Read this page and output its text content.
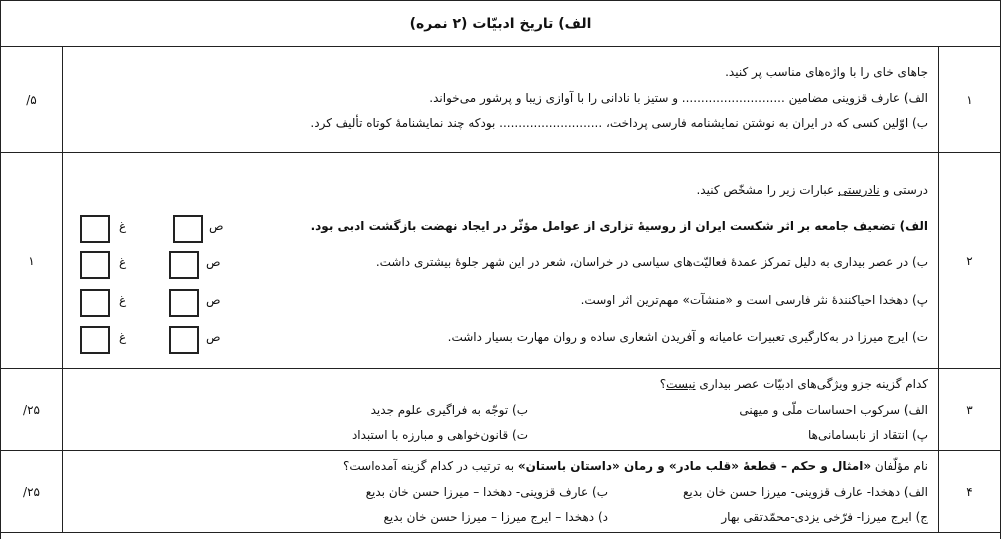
الف) تاریخ ادبیّات (۲ نمره)
۱
جاهای خای را با واژه‌های مناسب پر کنید.
الف) عارف قزوینی مضامین ........................... و ستیز با نادانی را با آوازی زیبا و پرشور می‌خواند.
ب) اوّلین کسی که در ایران به نوشتن نمایشنامه فارسی پرداخت، ........................... بودکه چند نمایشنامهٔ کوتاه تألیف کرد.
/۵
۲
درستی و نادرستی عبارات زیر را مشخّص کنید.
الف) تضعیف جامعه بر اثر شکست ایران از روسیهٔ تزاری از عوامل مؤثّر در ایجاد نهضت بازگشت ادبی بود.
ب) در عصر بیداری به دلیل تمرکز عمدهٔ فعالیّت‌های سیاسی در خراسان، شعر در این شهر جلوهٔ بیشتری داشت.
پ) دهخدا احیاکنندهٔ نثر فارسی است و «منشآت» مهم‌ترین اثر اوست.
ت) ایرج میرزا در به‌کارگیری تعبیرات عامیانه و آفریدن اشعاری ساده و روان مهارت بسیار داشت.
۱
ص
غ
ص
غ
ص
غ
ص
غ
۳
کدام گزینه جزو ویژگی‌های ادبیّات عصر بیداری نیست؟
الف) سرکوب احساسات ملّی و میهنی
ب) توجّه به فراگیری علوم جدید
پ) انتقاد از نابسامانی‌ها
ت) قانون‌خواهی و مبارزه با استبداد
/۲۵
۴
نام مؤلّفان «امثال و حکم – قطعهٔ «قلب مادر» و رمان «داستان باستان» به ترتیب در کدام گزینه آمده‌است؟
الف) دهخدا- عارف قزوینی- میرزا حسن خان بدیع
ب) عارف قزوینی- دهخدا – میرزا حسن خان بدیع
ج) ایرج میرزا- فرّخی یزدی-محمّدتقی بهار
د) دهخدا – ایرج میرزا – میرزا حسن خان بدیع
/۲۵
